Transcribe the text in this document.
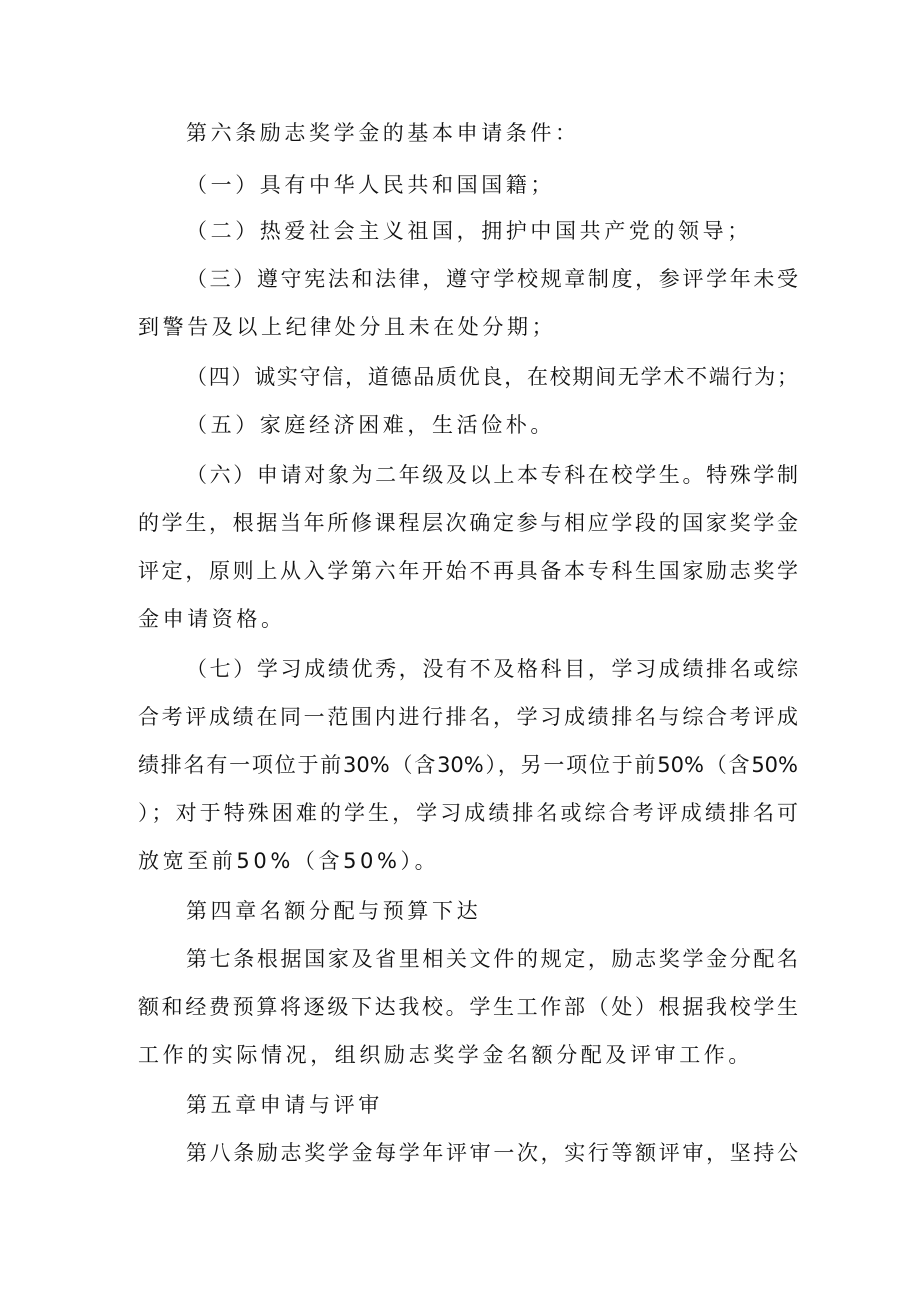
第六条励志奖学金的基本申请条件：
（一）具有中华人民共和国国籍；
（二）热爱社会主义祖国，拥护中国共产党的领导；
（三）遵守宪法和法律，遵守学校规章制度，参评学年未受
到警告及以上纪律处分且未在处分期；
（四）诚实守信，道德品质优良，在校期间无学术不端行为；
（五）家庭经济困难，生活俭朴。
（六）申请对象为二年级及以上本专科在校学生。特殊学制
的学生，根据当年所修课程层次确定参与相应学段的国家奖学金
评定，原则上从入学第六年开始不再具备本专科生国家励志奖学
金申请资格。
（七）学习成绩优秀，没有不及格科目，学习成绩排名或综
合考评成绩在同一范围内进行排名，学习成绩排名与综合考评成
绩排名有一项位于前30%（含30%），另一项位于前50%（含50%
）；对于特殊困难的学生，学习成绩排名或综合考评成绩排名可
放宽至前50%（含50%）。
第四章名额分配与预算下达
第七条根据国家及省里相关文件的规定，励志奖学金分配名
额和经费预算将逐级下达我校。学生工作部（处）根据我校学生
工作的实际情况，组织励志奖学金名额分配及评审工作。
第五章申请与评审
第八条励志奖学金每学年评审一次，实行等额评审，坚持公
